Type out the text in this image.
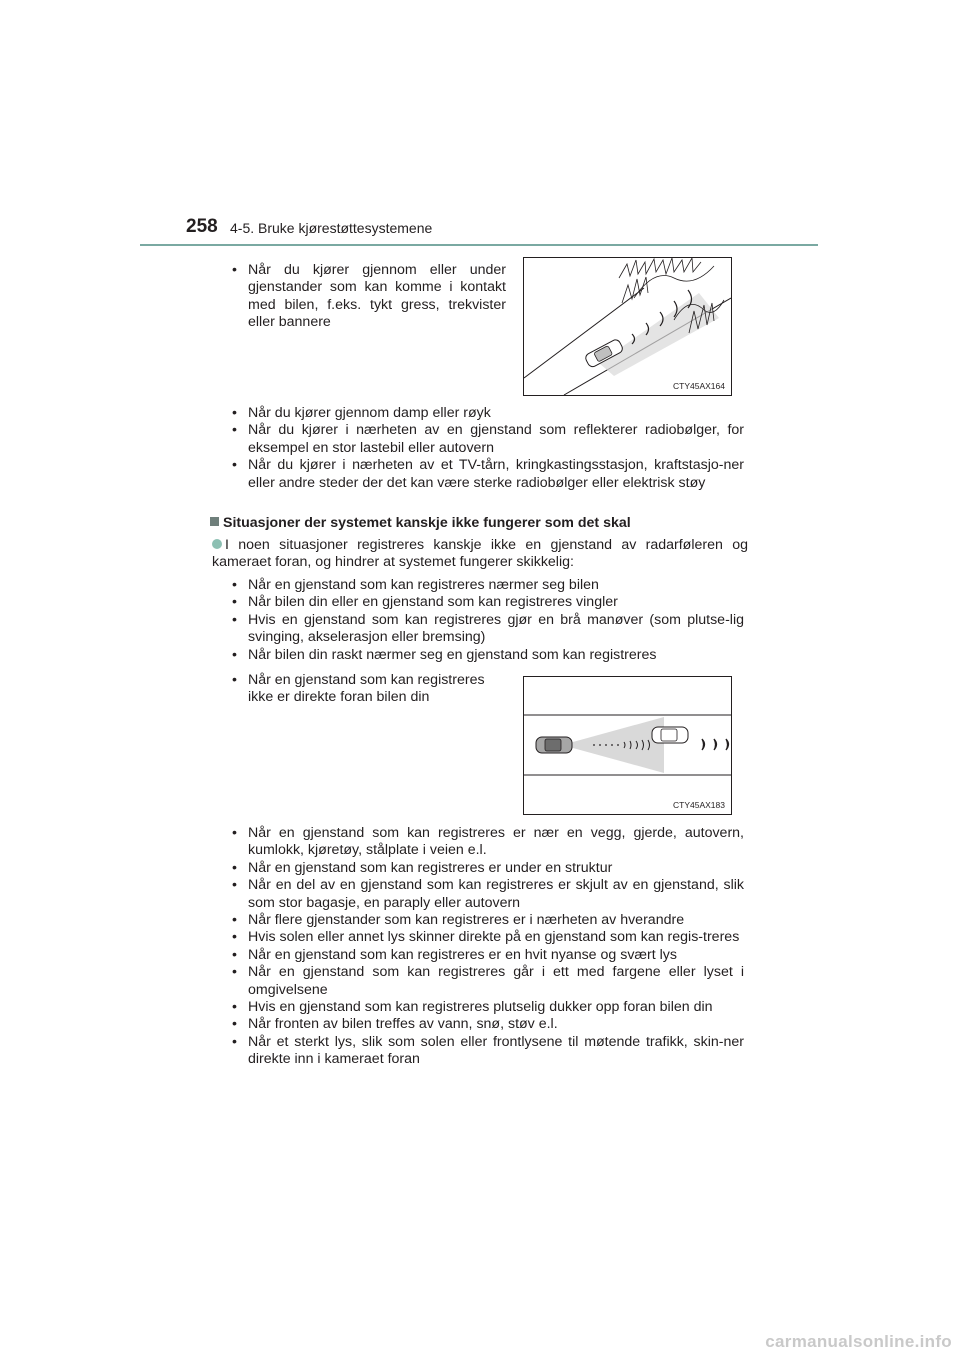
258 4-5. Bruke kjørestøttesystemene
• Når du kjører gjennom eller under gjenstander som kan komme i kontakt med bilen, f.eks. tykt gress, trekvister eller bannere
CTY45AX164
• Når du kjører gjennom damp eller røyk
• Når du kjører i nærheten av en gjenstand som reflekterer radiobølger, for eksempel en stor lastebil eller autovern
• Når du kjører i nærheten av et TV-tårn, kringkastingsstasjon, kraftstasjo-ner eller andre steder der det kan være sterke radiobølger eller elektrisk støy
Situasjoner der systemet kanskje ikke fungerer som det skal
I noen situasjoner registreres kanskje ikke en gjenstand av radarføleren og kameraet foran, og hindrer at systemet fungerer skikkelig:
• Når en gjenstand som kan registreres nærmer seg bilen
• Når bilen din eller en gjenstand som kan registreres vingler
• Hvis en gjenstand som kan registreres gjør en brå manøver (som plutse-lig svinging, akselerasjon eller bremsing)
• Når bilen din raskt nærmer seg en gjenstand som kan registreres
• Når en gjenstand som kan registreres ikke er direkte foran bilen din
CTY45AX183
• Når en gjenstand som kan registreres er nær en vegg, gjerde, autovern, kumlokk, kjøretøy, stålplate i veien e.l.
• Når en gjenstand som kan registreres er under en struktur
• Når en del av en gjenstand som kan registreres er skjult av en gjenstand, slik som stor bagasje, en paraply eller autovern
• Når flere gjenstander som kan registreres er i nærheten av hverandre
• Hvis solen eller annet lys skinner direkte på en gjenstand som kan regis-treres
• Når en gjenstand som kan registreres er en hvit nyanse og svært lys
• Når en gjenstand som kan registreres går i ett med fargene eller lyset i omgivelsene
• Hvis en gjenstand som kan registreres plutselig dukker opp foran bilen din
• Når fronten av bilen treffes av vann, snø, støv e.l.
• Når et sterkt lys, slik som solen eller frontlysene til møtende trafikk, skin-ner direkte inn i kameraet foran
carmanualsonline.info
